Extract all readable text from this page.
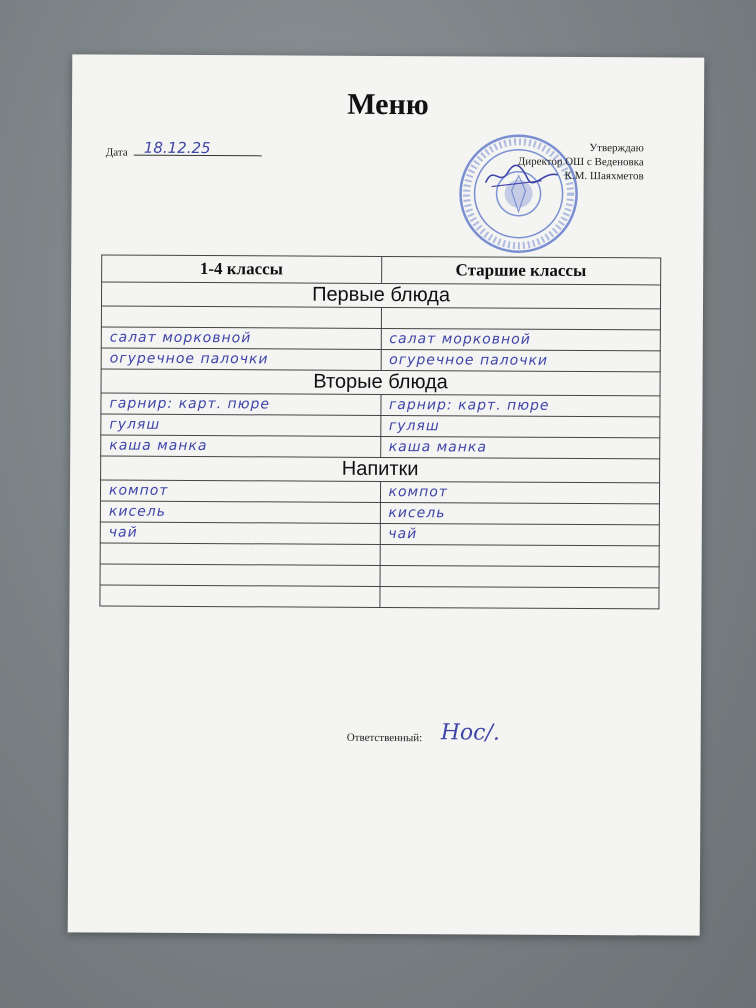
Меню
Дата 18.12.25	Утверждаю
Директор ОШ с Веденовка
К.М. Шаяхметов
1-4 классы	Старшие классы
Первые блюда	

салат морковной	салат морковной
огуречное палочки	огуречное палочки
Вторые блюда	
гарнир: карт. пюре	гарнир: карт. пюре
гуляш	гуляш
каша манка	каша манка
Напитки	
компот	компот
кисель	кисель
чай	чай

Ответственный: Нос/.
